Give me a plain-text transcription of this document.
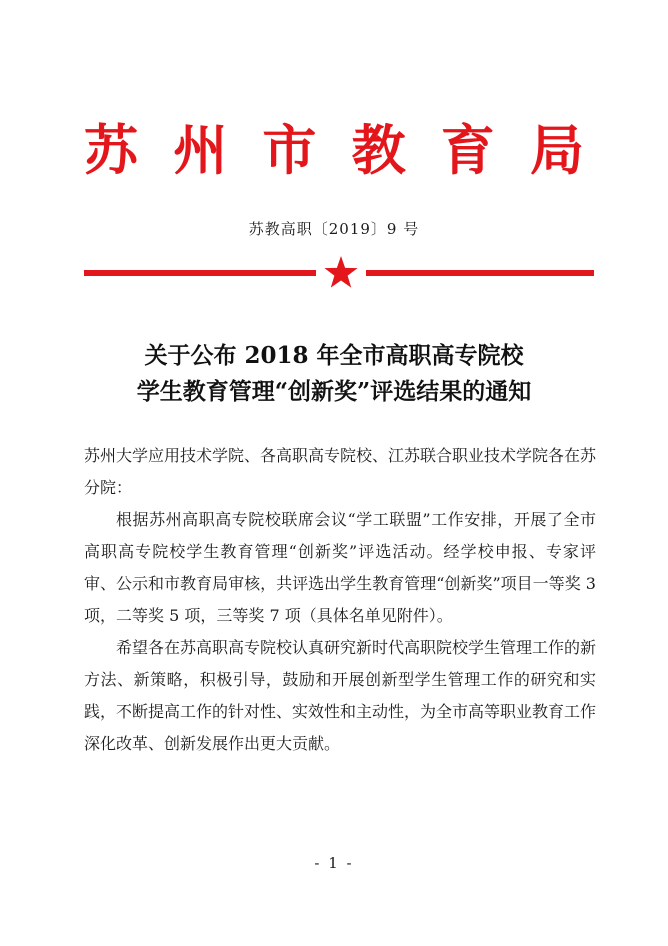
苏 州 市 教 育 局
苏教高职〔2019〕9 号
关于公布 2018 年全市高职高专院校
学生教育管理“创新奖”评选结果的通知

苏州大学应用技术学院、各高职高专院校、江苏联合职业技术学院各在苏分院：

根据苏州高职高专院校联席会议“学工联盟”工作安排，开展了全市高职高专院校学生教育管理“创新奖”评选活动。经学校申报、专家评审、公示和市教育局审核，共评选出学生教育管理“创新奖”项目一等奖 3 项，二等奖 5 项，三等奖 7 项（具体名单见附件）。

希望各在苏高职高专院校认真研究新时代高职院校学生管理工作的新方法、新策略，积极引导，鼓励和开展创新型学生管理工作的研究和实践，不断提高工作的针对性、实效性和主动性，为全市高等职业教育工作深化改革、创新发展作出更大贡献。

- 1 -
